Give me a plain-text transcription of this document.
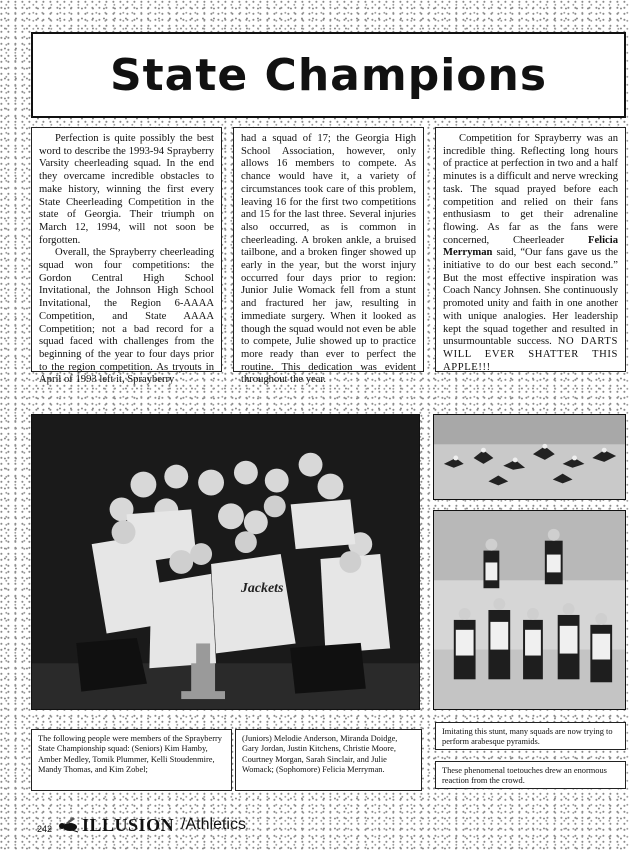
State Champions

Perfection is quite possibly the best word to describe the 1993-94 Sprayberry Varsity cheerleading squad. In the end they overcame incredible obstacles to make history, winning the first every State Cheerleading Competition in the state of Georgia. Their triumph on March 12, 1994, will not soon be forgotten.

Overall, the Sprayberry cheerleading squad won four competitions: the Gordon Central High School Invitational, the Johnson High School Invitational, the Region 6-AAAA Competition, and State AAAA Competition; not a bad record for a squad faced with challenges from the beginning of the year to four days prior to the region competition. As tryouts in April of 1993 left it, Sprayberry

had a squad of 17; the Georgia High School Association, however, only allows 16 members to compete. As chance would have it, a variety of circumstances took care of this problem, leaving 16 for the first two competitions and 15 for the last three. Several injuries also occurred, as is common in cheerleading. A broken ankle, a bruised tailbone, and a broken finger showed up early in the year, but the worst injury occurred four days prior to region: Junior Julie Womack fell from a stunt and fractured her jaw, resulting in immediate surgery. When it looked as though the squad would not even be able to compete, Julie showed up to practice more ready than ever to perfect the routine. This dedication was evident throughout the year.

Competition for Sprayberry was an incredible thing. Reflecting long hours of practice at perfection in two and a half minutes is a difficult and nerve wrecking task. The squad prayed before each competition and relied on their fans enthusiasm to get their adrenaline flowing. As far as the fans were concerned, Cheerleader Felicia Merryman said, “Our fans gave us the initiative to do our best each second.” But the most effective inspiration was Coach Nancy Johnsen. She continuously promoted unity and faith in one another with unique analogies. Her leadership kept the squad together and resulted in unsurmountable success. NO DARTS WILL EVER SHATTER THIS APPLE!!!

Jackets
The following people were members of the Sprayberry State Championship squad: (Seniors) Kim Hamby, Amber Medley, Tomik Plummer, Kelli Stoudenmire, Mandy Thomas, and Kim Zobel;
(Juniors) Melodie Anderson, Miranda Doidge, Gary Jordan, Justin Kitchens, Christie Moore, Courtney Morgan, Sarah Sinclair, and Julie Womack; (Sophomore) Felicia Merryman.
Imitating this stunt, many squads are now trying to perform arabesque pyramids.
These phenomenal toetouches drew an enormous reaction from the crowd.
242 ILLUSION /Athletics
